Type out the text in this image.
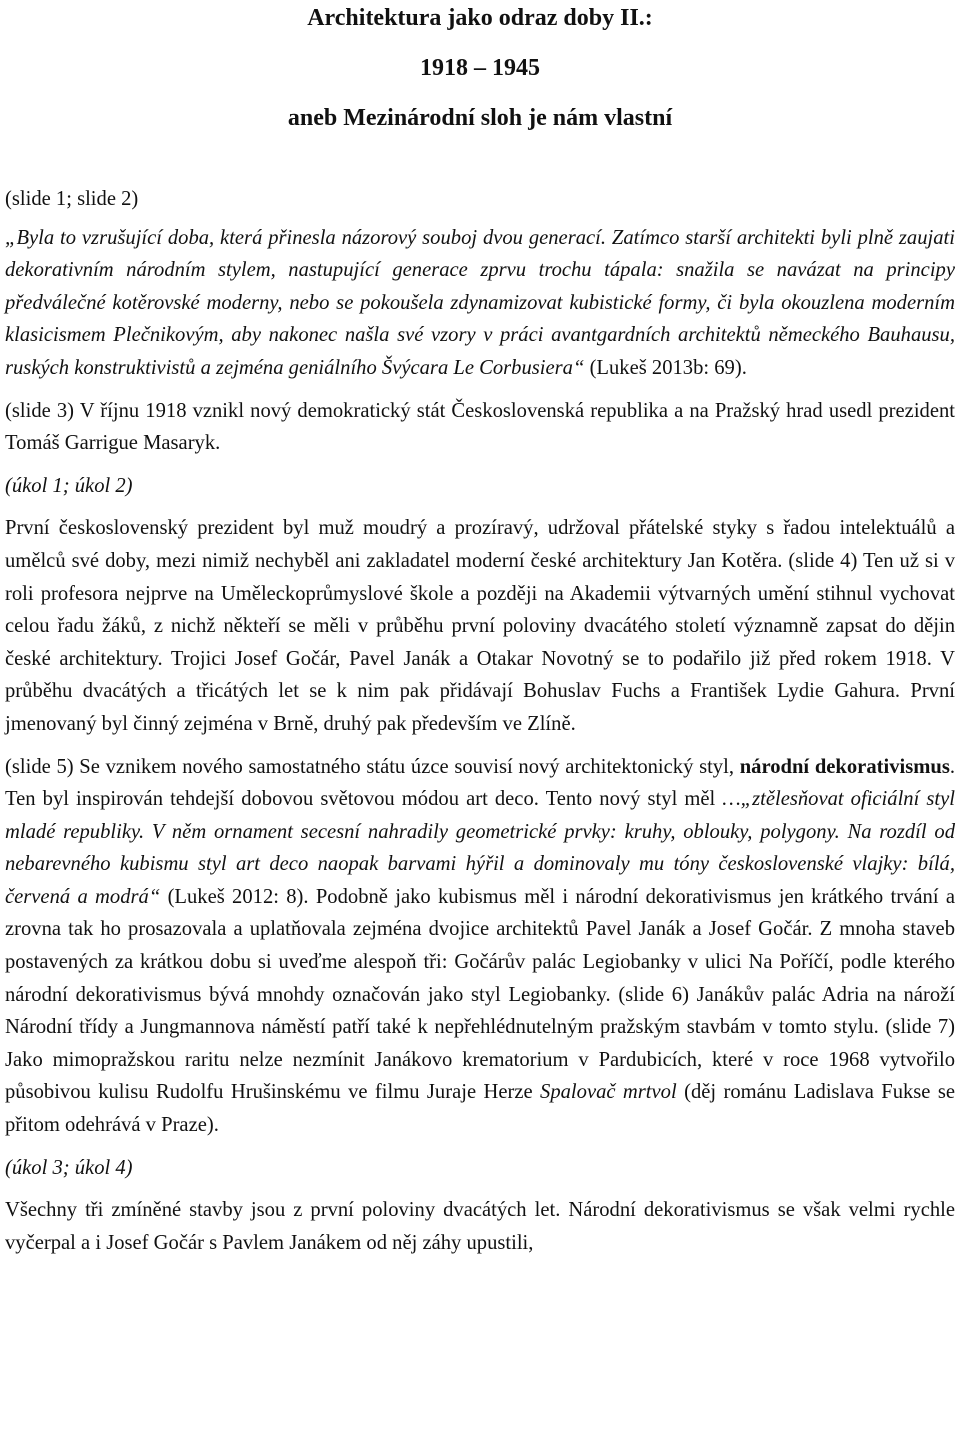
Architektura jako odraz doby II.:

1918 – 1945

aneb Mezinárodní sloh je nám vlastní

(slide 1; slide 2)

„Byla to vzrušující doba, která přinesla názorový souboj dvou generací. Zatímco starší architekti byli plně zaujati dekorativním národním stylem, nastupující generace zprvu trochu tápala: snažila se navázat na principy předválečné kotěrovské moderny, nebo se pokoušela zdynamizovat kubistické formy, či byla okouzlena moderním klasicismem Plečnikovým, aby nakonec našla své vzory v práci avantgardních architektů německého Bauhausu, ruských konstruktivistů a zejména geniálního Švýcara Le Corbusiera“ (Lukeš 2013b: 69).

(slide 3) V říjnu 1918 vznikl nový demokratický stát Československá republika a na Pražský hrad usedl prezident Tomáš Garrigue Masaryk.

(úkol 1; úkol 2)

První československý prezident byl muž moudrý a prozíravý, udržoval přátelské styky s řadou intelektuálů a umělců své doby, mezi nimiž nechyběl ani zakladatel moderní české architektury Jan Kotěra. (slide 4) Ten už si v roli profesora nejprve na Uměleckoprůmyslové škole a později na Akademii výtvarných umění stihnul vychovat celou řadu žáků, z nichž někteří se měli v průběhu první poloviny dvacátého století významně zapsat do dějin české architektury. Trojici Josef Gočár, Pavel Janák a Otakar Novotný se to podařilo již před rokem 1918. V průběhu dvacátých a třicátých let se k nim pak přidávají Bohuslav Fuchs a František Lydie Gahura. První jmenovaný byl činný zejména v Brně, druhý pak především ve Zlíně.

(slide 5) Se vznikem nového samostatného státu úzce souvisí nový architektonický styl, národní dekorativismus. Ten byl inspirován tehdejší dobovou světovou módou art deco. Tento nový styl měl …„ztělesňovat oficiální styl mladé republiky. V něm ornament secesní nahradily geometrické prvky: kruhy, oblouky, polygony. Na rozdíl od nebarevného kubismu styl art deco naopak barvami hýřil a dominovaly mu tóny československé vlajky: bílá, červená a modrá“ (Lukeš 2012: 8). Podobně jako kubismus měl i národní dekorativismus jen krátkého trvání a zrovna tak ho prosazovala a uplatňovala zejména dvojice architektů Pavel Janák a Josef Gočár. Z mnoha staveb postavených za krátkou dobu si uveďme alespoň tři: Gočárův palác Legiobanky v ulici Na Poříčí, podle kterého národní dekorativismus bývá mnohdy označován jako styl Legiobanky. (slide 6) Janákův palác Adria na nároží Národní třídy a Jungmannova náměstí patří také k nepřehlédnutelným pražským stavbám v tomto stylu. (slide 7) Jako mimopražskou raritu nelze nezmínit Janákovo krematorium v Pardubicích, které v roce 1968 vytvořilo působivou kulisu Rudolfu Hrušinskému ve filmu Juraje Herze Spalovač mrtvol (děj románu Ladislava Fukse se přitom odehrává v Praze).

(úkol 3; úkol 4)

Všechny tři zmíněné stavby jsou z první poloviny dvacátých let. Národní dekorativismus se však velmi rychle vyčerpal a i Josef Gočár s Pavlem Janákem od něj záhy upustili,
